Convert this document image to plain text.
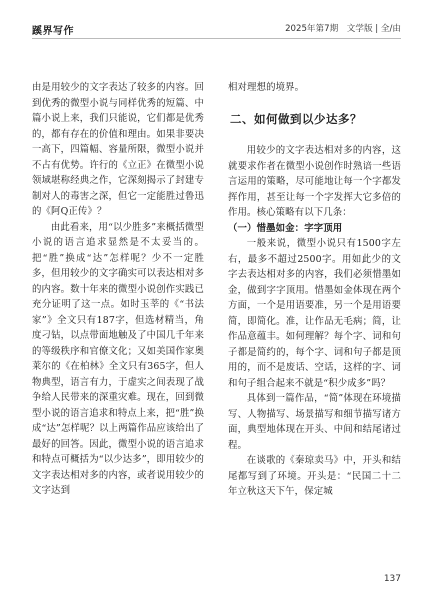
蹊界写作	2025年第7期　文学版 | 全/由

由是用较少的文字表达了较多的内容。回到优秀的微型小说与同样优秀的短篇、中篇小说上来，我们只能说，它们都是优秀的，都有存在的价值和理由。如果非要决一高下，四篇幅、容量所限，微型小说并不占有优势。许行的《立正》在微型小说领域堪称经典之作，它深刻揭示了封建专制对人的毒害之深，但它一定能胜过鲁迅的《阿Q正传》？

由此看来，用“以少胜多”来概括微型小说的语言追求显然是不太妥当的。把“胜”换成“达”怎样呢？少不一定胜多，但用较少的文字确实可以表达相对多的内容。数十年来的微型小说创作实践已充分证明了这一点。如时玉莘的《“书法家”》全文只有187字，但选材精当，角度刁钻，以点带面地触及了中国几千年来的等级秩序和官僚文化；又如美国作家奥莱尔的《在柏林》全文只有365字，但人物典型，语言有力，于虚实之间表现了战争给人民带来的深重灾难。现在，回到微型小说的语言追求和特点上来，把“胜”换成“达”怎样呢？以上两篇作品应该给出了最好的回答。因此，微型小说的语言追求和特点可概括为“以少达多”，即用较少的文字表达相对多的内容，或者说用较少的文字达到

相对理想的境界。

二、如何做到以少达多？

用较少的文字表达相对多的内容，这就要求作者在微型小说创作时熟谙一些语言运用的策略，尽可能地让每一个字都发挥作用，甚至让每一个字发挥大它多倍的作用。核心策略有以下几条：

（一）惜墨如金：字字顶用

一般来说，微型小说只有1500字左右，最多不超过2500字。用如此少的文字去表达相对多的内容，我们必须惜墨如金，做到字字顶用。惜墨如金体现在两个方面，一个是用语要准，另一个是用语要简，即简化。准，让作品无毛病；简，让作品意蕴丰。如何理解？每个字、词和句子都是简约的，每个字、词和句子都是顶用的，而不是废话、空话，这样的字、词和句子组合起来不就是“积少成多”吗？

具体到一篇作品，“简”体现在环境描写、人物描写、场景描写和细节描写诸方面，典型地体现在开头、中间和结尾诸过程。

在谈歌的《秦琼卖马》中，开头和结尾都写到了环境。开头是：“民国二十二年立秋这天下午，保定城

137
